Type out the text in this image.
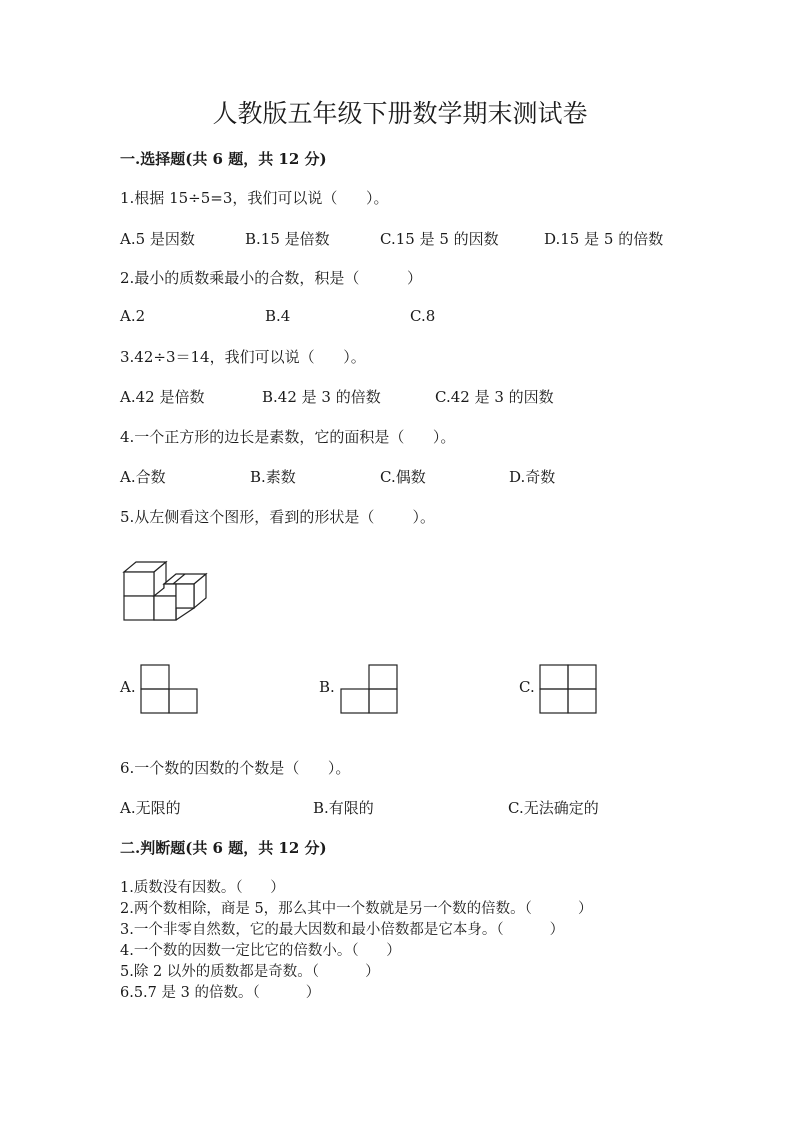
人教版五年级下册数学期末测试卷
一.选择题(共 6 题，共 12 分)
1.根据 15÷5=3，我们可以说（      ）。
A.5 是因数	B.15 是倍数	C.15 是 5 的因数	D.15 是 5 的倍数
2.最小的质数乘最小的合数，积是（          ）
A.2	B.4	C.8
3.42÷3＝14，我们可以说（      ）。
A.42 是倍数	B.42 是 3 的倍数	C.42 是 3 的因数
4.一个正方形的边长是素数，它的面积是（      ）。
A.合数	B.素数	C.偶数	D.奇数
5.从左侧看这个图形，看到的形状是（        ）。
A.	B.	C.
6.一个数的因数的个数是（      ）。
A.无限的	B.有限的	C.无法确定的
二.判断题(共 6 题，共 12 分)
1.质数没有因数。（      ）
2.两个数相除，商是 5，那么其中一个数就是另一个数的倍数。（          ）
3.一个非零自然数，它的最大因数和最小倍数都是它本身。（          ）
4.一个数的因数一定比它的倍数小。（      ）
5.除 2 以外的质数都是奇数。（          ）
6.5.7 是 3 的倍数。（          ）
